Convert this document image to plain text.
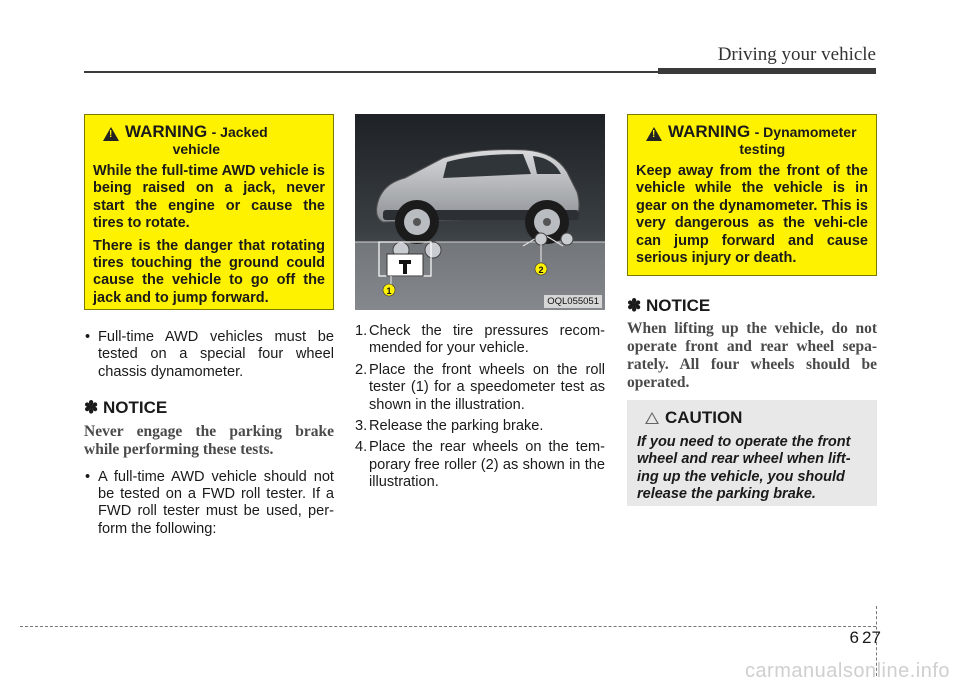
Driving your vehicle
!
WARNING - Jacked
vehicle

While the full-time AWD vehicle is being raised on a jack, never start the engine or cause the tires to rotate.

There is the danger that rotating tires touching the ground could cause the vehicle to go off the jack and to jump forward.

• Full-time AWD vehicles must be tested on a special four wheel chassis dynamometer.

✽ NOTICE

Never engage the parking brake while performing these tests.

• A full-time AWD vehicle should not be tested on a FWD roll tester. If a FWD roll tester must be used, per-form the following:

2
1
OQL055051

1. Check the tire pressures recom-mended for your vehicle.

2. Place the front wheels on the roll tester (1) for a speedometer test as shown in the illustration.

3. Release the parking brake.

4. Place the rear wheels on the tem-porary free roller (2) as shown in the illustration.

!
WARNING - Dynamometer
testing

Keep away from the front of the vehicle while the vehicle is in gear on the dynamometer. This is very dangerous as the vehi-cle can jump forward and cause serious injury or death.

✽ NOTICE

When lifting up the vehicle, do not operate front and rear wheel sepa-rately. All four wheels should be operated.

CAUTION

If you need to operate the front wheel and rear wheel when lift-ing up the vehicle, you should release the parking brake.

6 27
carmanualsonline.info
